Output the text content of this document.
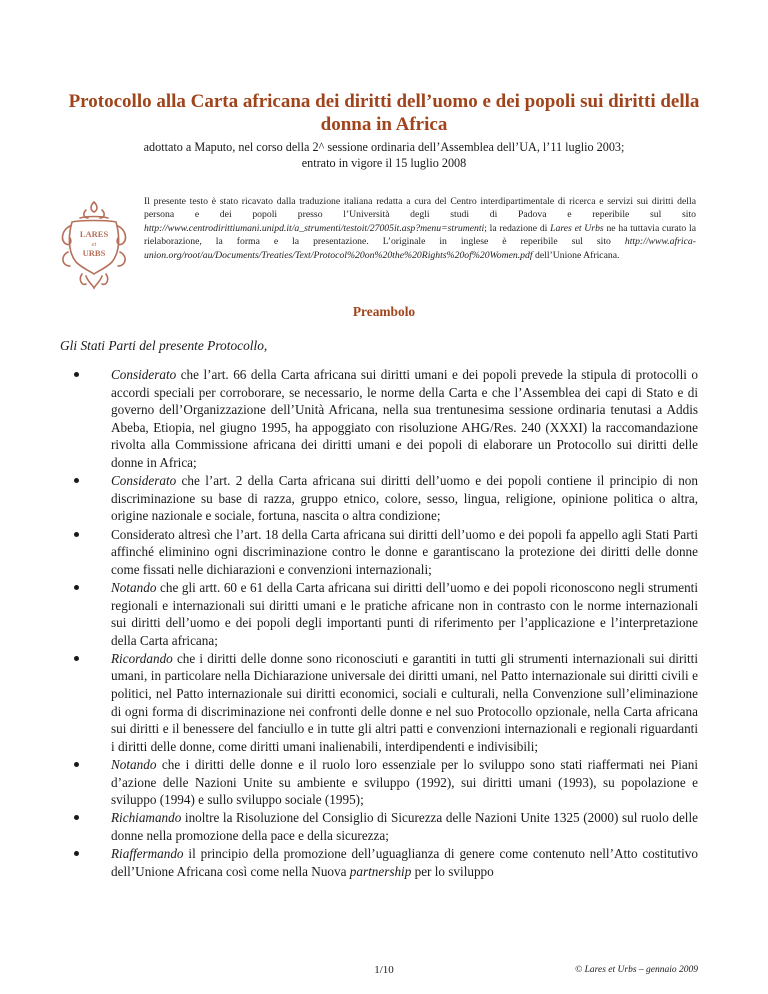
Protocollo alla Carta africana dei diritti dell’uomo e dei popoli sui diritti della donna in Africa
adottato a Maputo, nel corso della 2^ sessione ordinaria dell’Assemblea dell’UA, l’11 luglio 2003;
entrato in vigore il 15 luglio 2008
LARES
et
URBS
Il presente testo è stato ricavato dalla traduzione italiana redatta a cura del Centro interdipartimentale di ricerca e servizi sui diritti della persona e dei popoli presso l’Università degli studi di Padova e reperibile sul sito http://www.centrodirittiumani.unipd.it/a_strumenti/testoit/27005it.asp?menu=strumenti; la redazione di Lares et Urbs ne ha tuttavia curato la rielaborazione, la forma e la presentazione. L’originale in inglese è reperibile sul sito http://www.africa-union.org/root/au/Documents/Treaties/Text/Protocol%20on%20the%20Rights%20of%20Women.pdf dell’Unione Africana.
Preambolo
Gli Stati Parti del presente Protocollo,
Considerato che l’art. 66 della Carta africana sui diritti umani e dei popoli prevede la stipula di protocolli o accordi speciali per corroborare, se necessario, le norme della Carta e che l’Assemblea dei capi di Stato e di governo dell’Organizzazione dell’Unità Africana, nella sua trentunesima sessione ordinaria tenutasi a Addis Abeba, Etiopia, nel giugno 1995, ha appoggiato con risoluzione AHG/Res. 240 (XXXI) la raccomandazione rivolta alla Commissione africana dei diritti umani e dei popoli di elaborare un Protocollo sui diritti delle donne in Africa;
Considerato che l’art. 2 della Carta africana sui diritti dell’uomo e dei popoli contiene il principio di non discriminazione su base di razza, gruppo etnico, colore, sesso, lingua, religione, opinione politica o altra, origine nazionale e sociale, fortuna, nascita o altra condizione;
Considerato altresì che l’art. 18 della Carta africana sui diritti dell’uomo e dei popoli fa appello agli Stati Parti affinché eliminino ogni discriminazione contro le donne e garantiscano la protezione dei diritti delle donne come fissati nelle dichiarazioni e convenzioni internazionali;
Notando che gli artt. 60 e 61 della Carta africana sui diritti dell’uomo e dei popoli riconoscono negli strumenti regionali e internazionali sui diritti umani e le pratiche africane non in contrasto con le norme internazionali sui diritti dell’uomo e dei popoli degli importanti punti di riferimento per l’applicazione e l’interpretazione della Carta africana;
Ricordando che i diritti delle donne sono riconosciuti e garantiti in tutti gli strumenti internazionali sui diritti umani, in particolare nella Dichiarazione universale dei diritti umani, nel Patto internazionale sui diritti civili e politici, nel Patto internazionale sui diritti economici, sociali e culturali, nella Convenzione sull’eliminazione di ogni forma di discriminazione nei confronti delle donne e nel suo Protocollo opzionale, nella Carta africana sui diritti e il benessere del fanciullo e in tutte gli altri patti e convenzioni internazionali e regionali riguardanti i diritti delle donne, come diritti umani inalienabili, interdipendenti e indivisibili;
Notando che i diritti delle donne e il ruolo loro essenziale per lo sviluppo sono stati riaffermati nei Piani d’azione delle Nazioni Unite su ambiente e sviluppo (1992), sui diritti umani (1993), su popolazione e sviluppo (1994) e sullo sviluppo sociale (1995);
Richiamando inoltre la Risoluzione del Consiglio di Sicurezza delle Nazioni Unite 1325 (2000) sul ruolo delle donne nella promozione della pace e della sicurezza;
Riaffermando il principio della promozione dell’uguaglianza di genere come contenuto nell’Atto costitutivo dell’Unione Africana così come nella Nuova partnership per lo sviluppo
1/10	© Lares et Urbs – gennaio 2009
